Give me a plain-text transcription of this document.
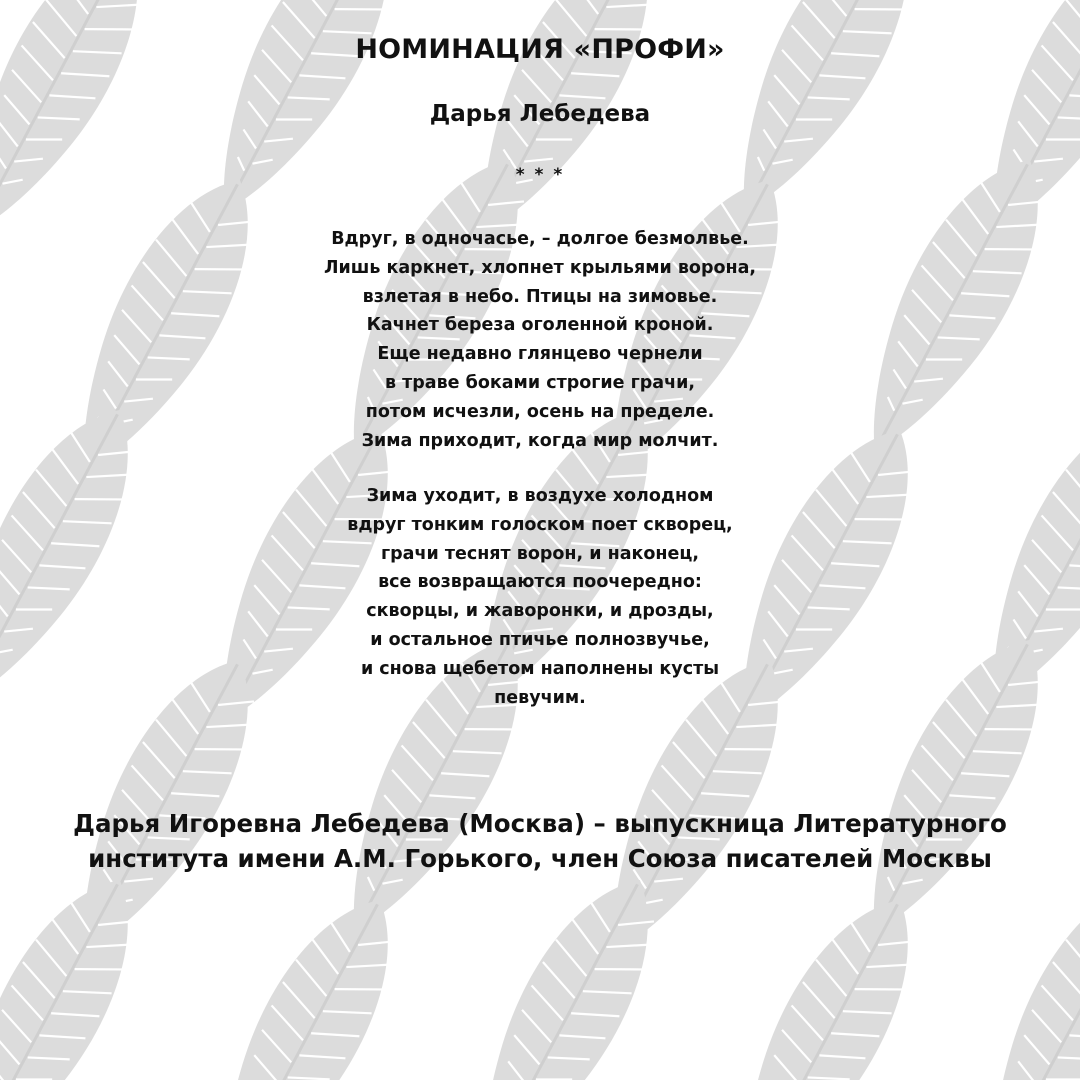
НОМИНАЦИЯ «ПРОФИ»
Дарья Лебедева
* * *
Вдруг, в одночасье, – долгое безмолвье.
Лишь каркнет, хлопнет крыльями ворона,
взлетая в небо. Птицы на зимовье.
Качнет береза оголенной кроной.
Еще недавно глянцево чернели
в траве боками строгие грачи,
потом исчезли, осень на пределе.
Зима приходит, когда мир молчит.
Зима уходит, в воздухе холодном
вдруг тонким голоском поет скворец,
грачи теснят ворон, и наконец,
все возвращаются поочередно:
скворцы, и жаворонки, и дрозды,
и остальное птичье полнозвучье,
и снова щебетом наполнены кусты
певучим.
Дарья Игоревна Лебедева (Москва) – выпускница Литературного
института имени А.М. Горького, член Союза писателей Москвы
